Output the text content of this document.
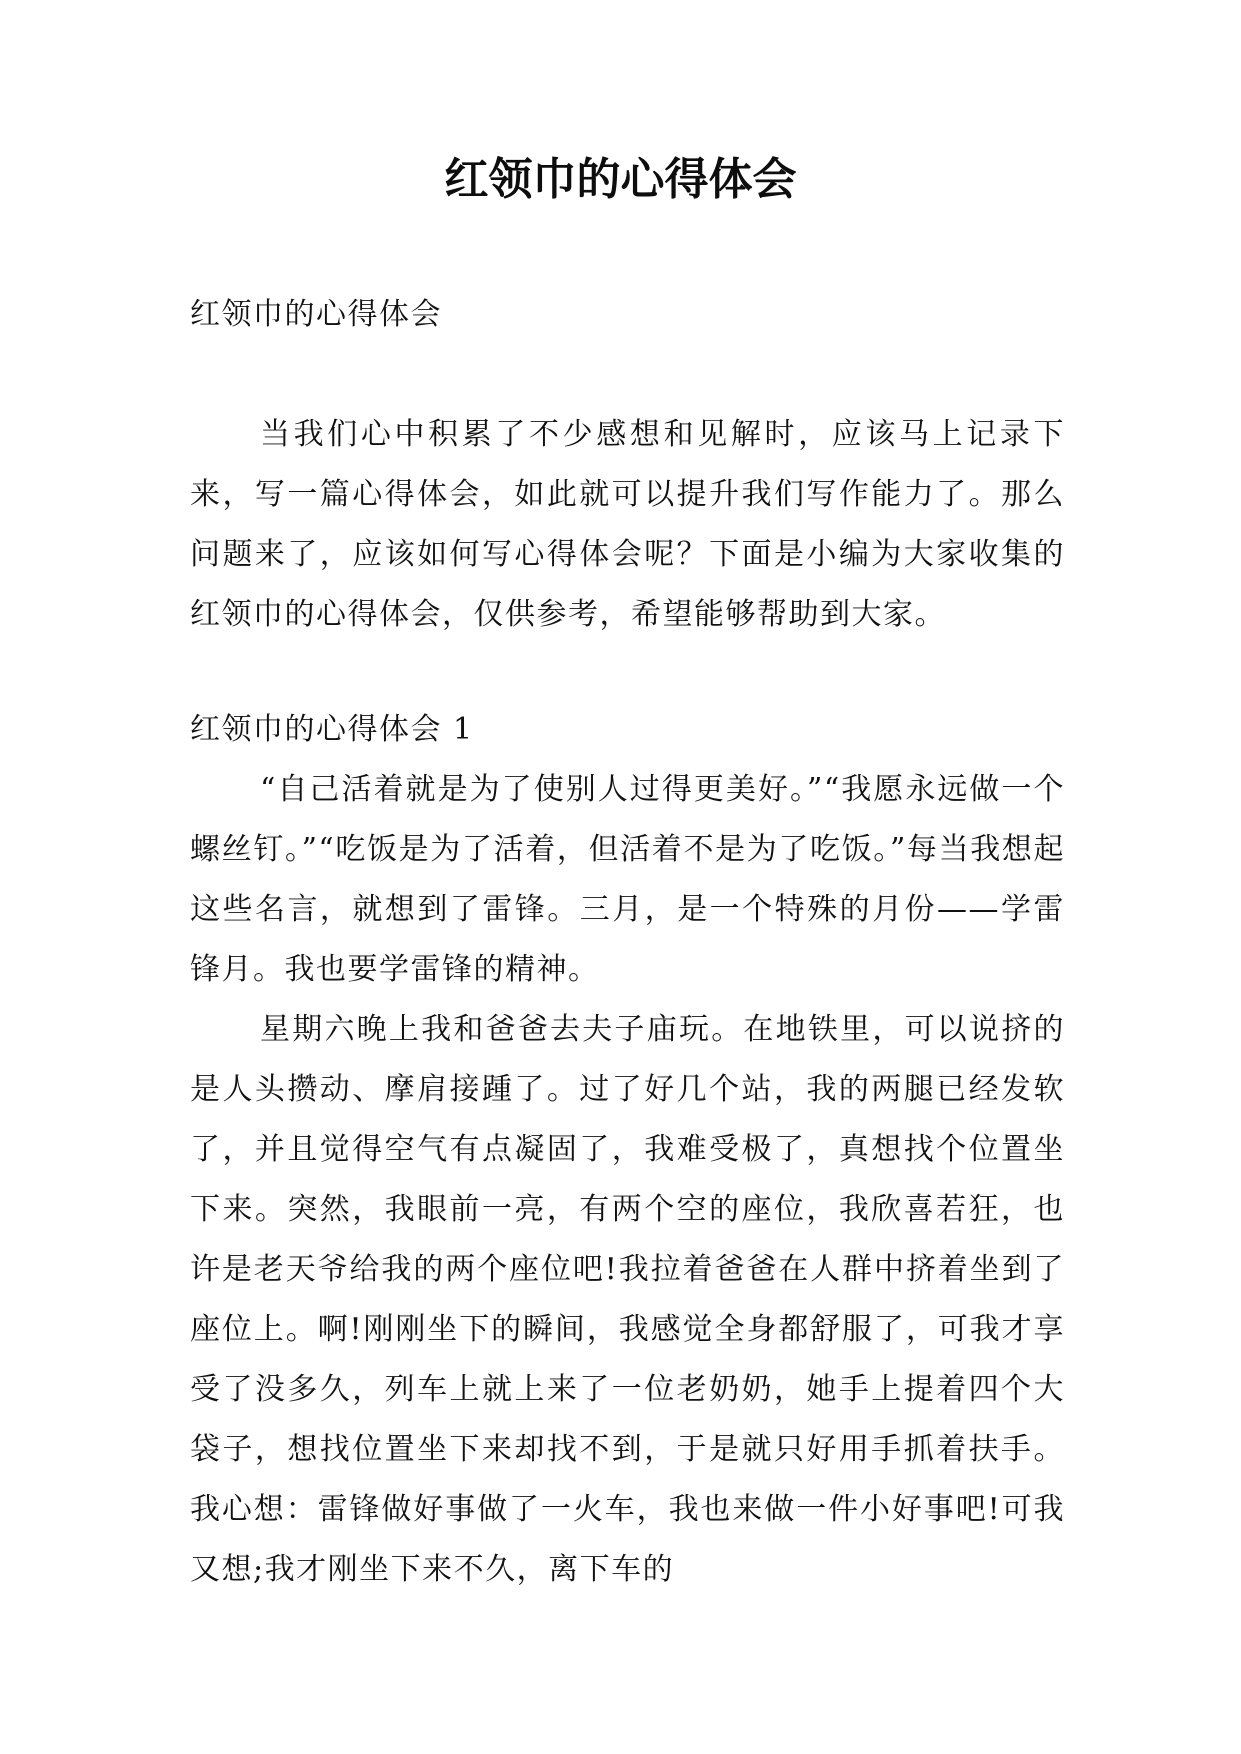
红领巾的心得体会

红领巾的心得体会

当我们心中积累了不少感想和见解时，应该马上记录下来，写一篇心得体会，如此就可以提升我们写作能力了。那么问题来了，应该如何写心得体会呢？下面是小编为大家收集的红领巾的心得体会，仅供参考，希望能够帮助到大家。

红领巾的心得体会 1

“自己活着就是为了使别人过得更美好。”“我愿永远做一个螺丝钉。”“吃饭是为了活着，但活着不是为了吃饭。”每当我想起这些名言，就想到了雷锋。三月，是一个特殊的月份——学雷锋月。我也要学雷锋的精神。

星期六晚上我和爸爸去夫子庙玩。在地铁里，可以说挤的是人头攒动、摩肩接踵了。过了好几个站，我的两腿已经发软了，并且觉得空气有点凝固了，我难受极了，真想找个位置坐下来。突然，我眼前一亮，有两个空的座位，我欣喜若狂，也许是老天爷给我的两个座位吧!我拉着爸爸在人群中挤着坐到了座位上。啊!刚刚坐下的瞬间，我感觉全身都舒服了，可我才享受了没多久，列车上就上来了一位老奶奶，她手上提着四个大袋子，想找位置坐下来却找不到，于是就只好用手抓着扶手。我心想：雷锋做好事做了一火车，我也来做一件小好事吧!可我又想;我才刚坐下来不久，离下车的
